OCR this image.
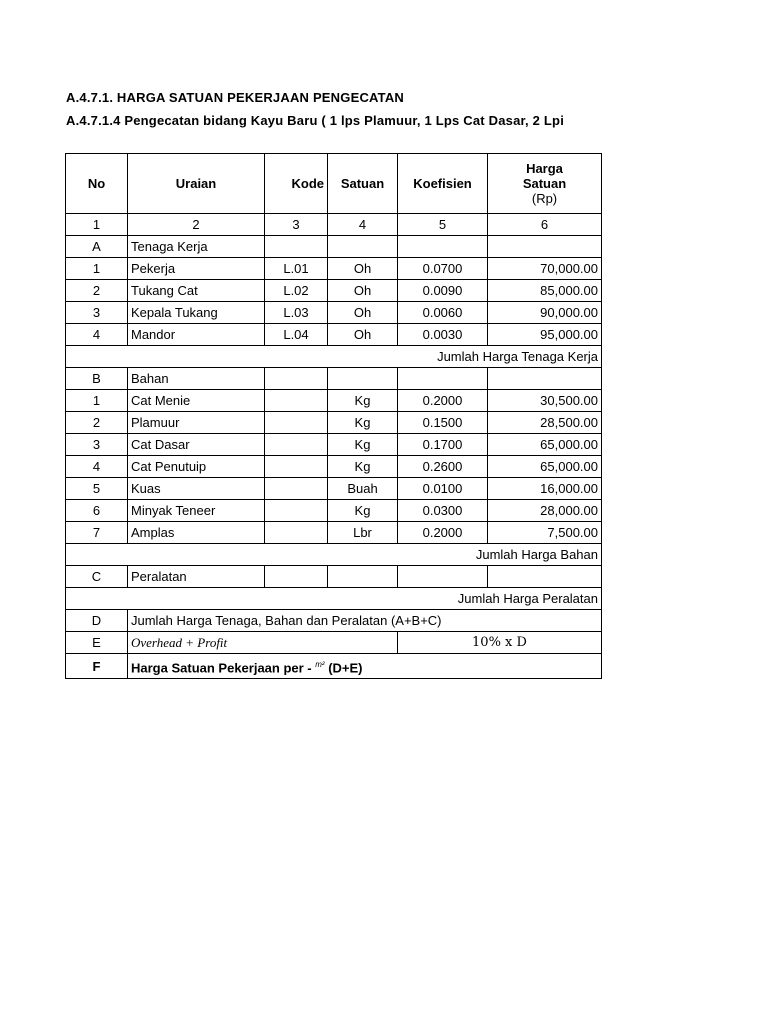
A.4.7.1. HARGA SATUAN PEKERJAAN PENGECATAN
A.4.7.1.4 Pengecatan bidang Kayu Baru ( 1 lps Plamuur, 1 Lps Cat Dasar, 2 Lpi
No	Uraian	Kode	Satuan	Koefisien	Harga
Satuan
(Rp)

1	2	3	4	5	6
A	Tenaga Kerja				
1	Pekerja	L.01	Oh	0.0700	70,000.00
2	Tukang Cat	L.02	Oh	0.0090	85,000.00
3	Kepala Tukang	L.03	Oh	0.0060	90,000.00
4	Mandor	L.04	Oh	0.0030	95,000.00
Jumlah Harga Tenaga Kerja					
B	Bahan				
1	Cat Menie		Kg	0.2000	30,500.00
2	Plamuur		Kg	0.1500	28,500.00
3	Cat Dasar		Kg	0.1700	65,000.00
4	Cat Penutuip		Kg	0.2600	65,000.00
5	Kuas		Buah	0.0100	16,000.00
6	Minyak Teneer		Kg	0.0300	28,000.00
7	Amplas		Lbr	0.2000	7,500.00
Jumlah Harga Bahan					
C	Peralatan				
Jumlah Harga Peralatan					
D	Jumlah Harga Tenaga, Bahan dan Peralatan (A+B+C)				
E	Overhead + Profit			10% x D	
F	Harga Satuan Pekerjaan per - $^{m^2}$ (D+E)				
